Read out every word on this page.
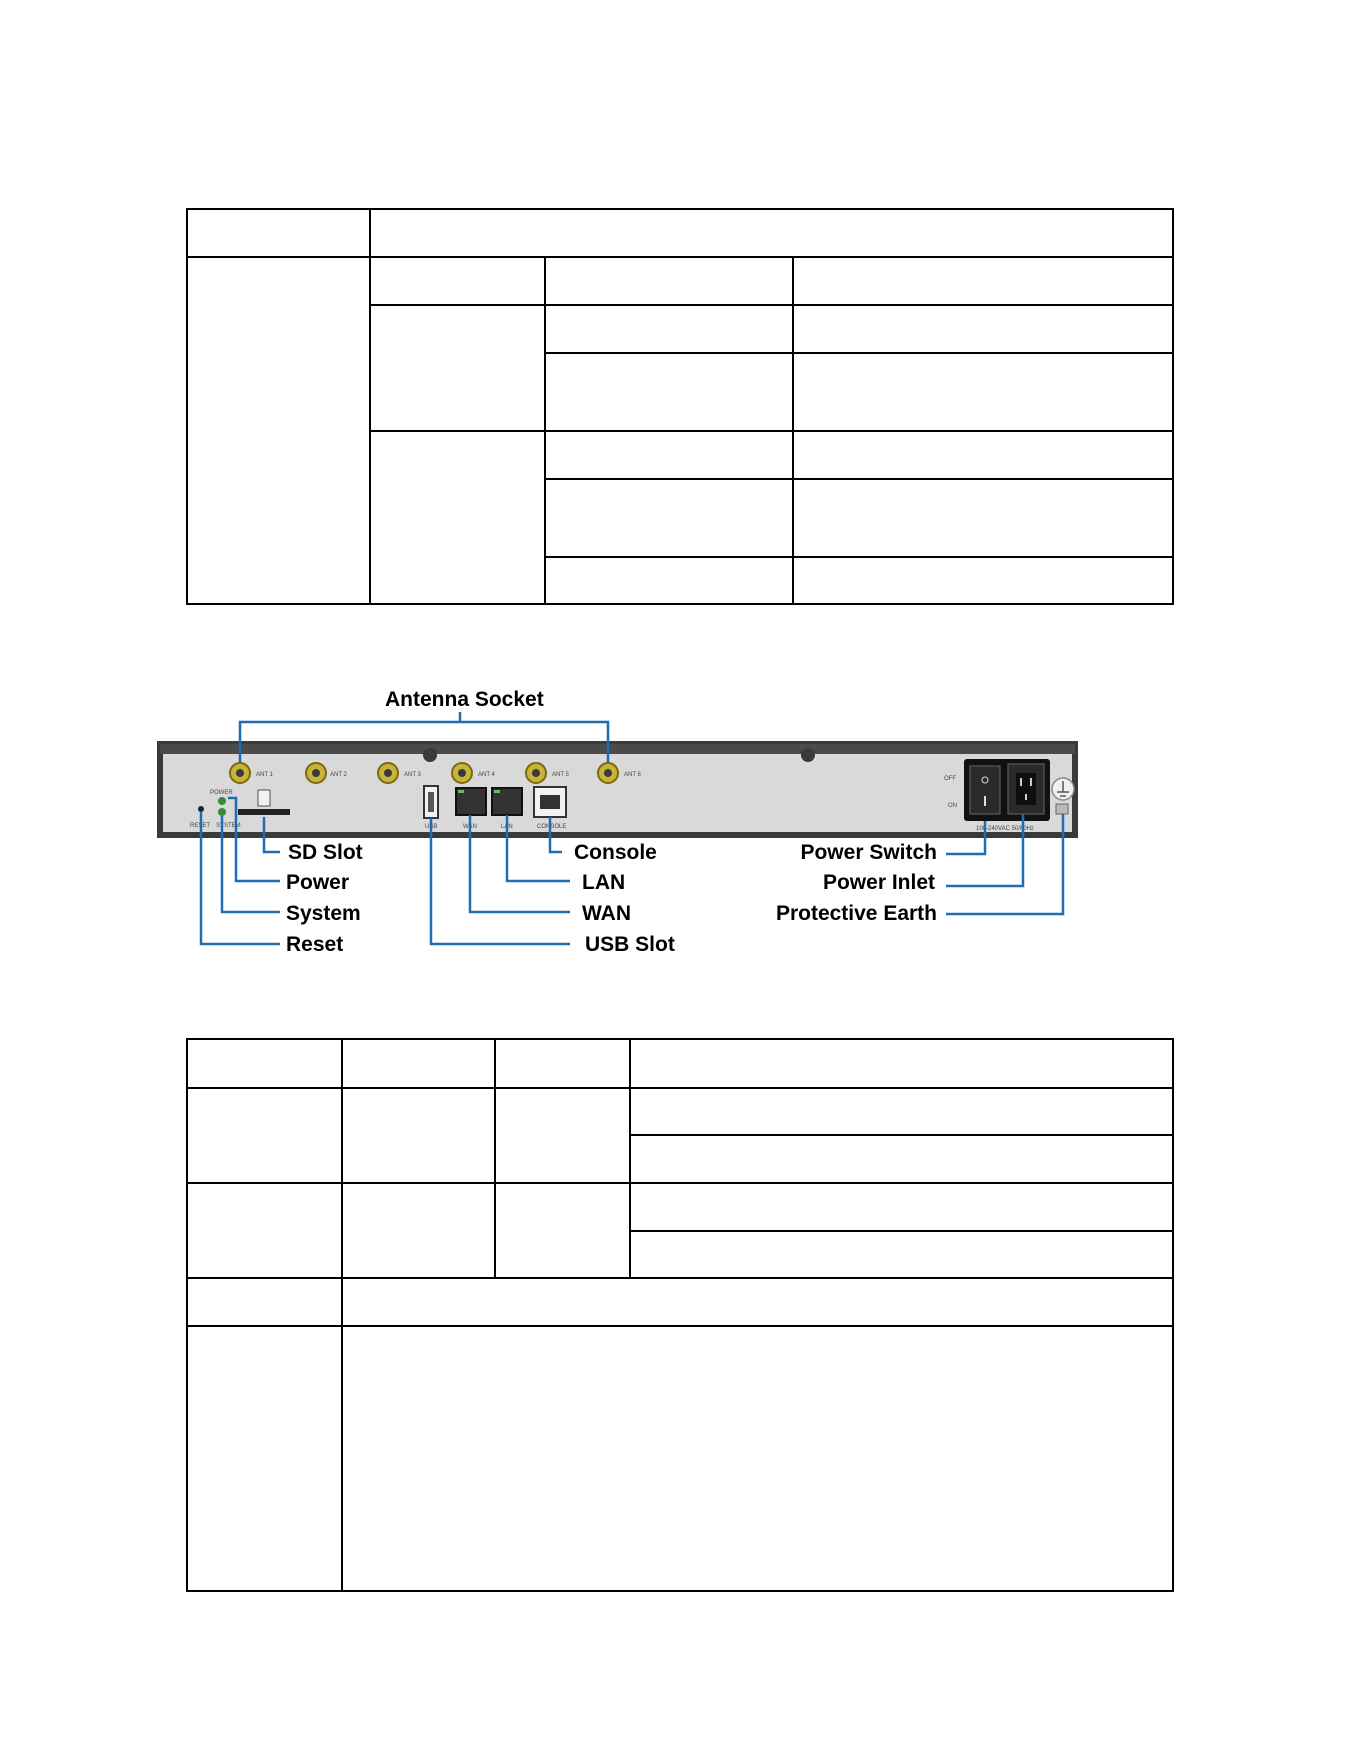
ANT 1	ANT 2	ANT 3	ANT 4	ANT 5	ANT 6
POWER
RESET SYSTEM	USB	WAN	LAN	CONSOLE
OFF
ON
100-240VAC 50/60Hz
Antenna Socket
SD Slot
Power
System
Reset
Console
LAN
WAN
USB Slot
Power Switch
Power Inlet
Protective Earth
